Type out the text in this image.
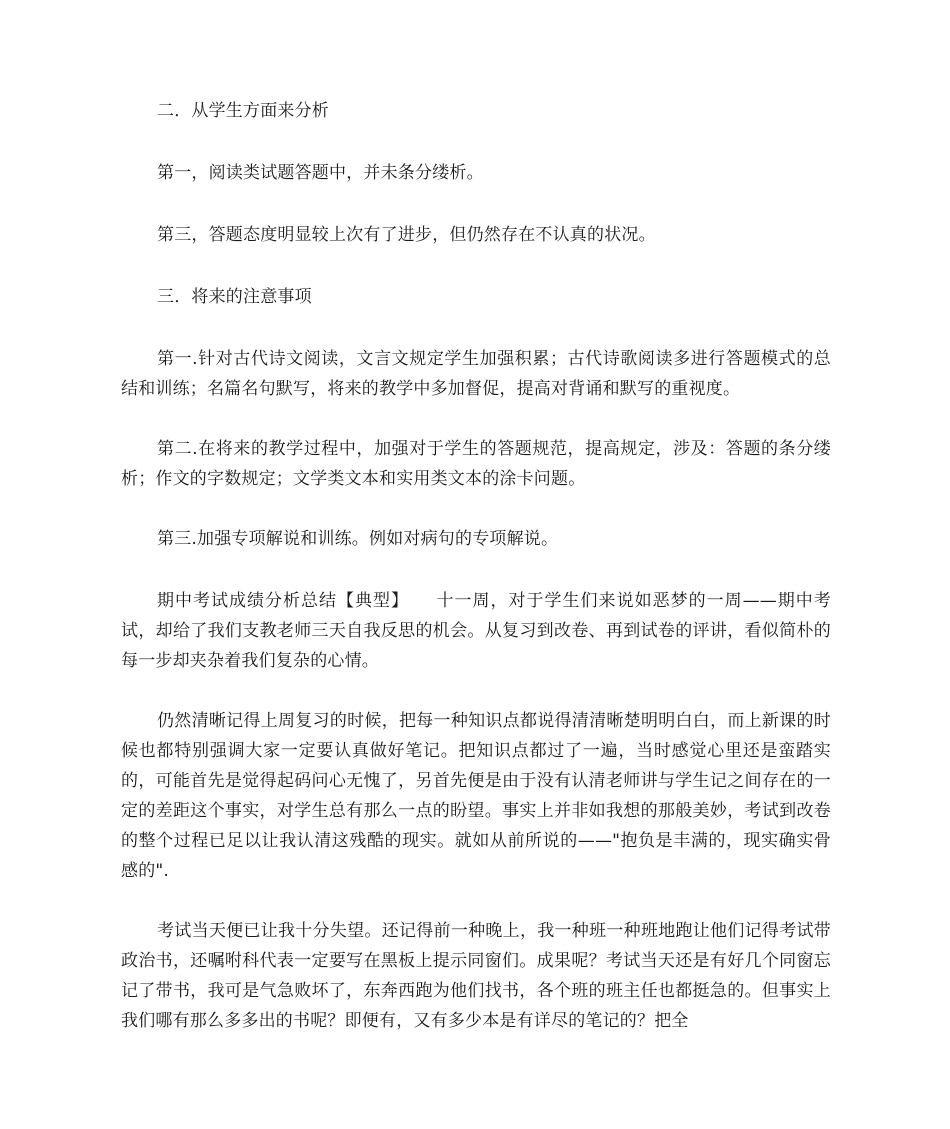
二．从学生方面来分析

第一，阅读类试题答题中，并未条分缕析。

第三，答题态度明显较上次有了进步，但仍然存在不认真的状况。

三．将来的注意事项

第一.针对古代诗文阅读，文言文规定学生加强积累；古代诗歌阅读多进行答题模式的总结和训练；名篇名句默写，将来的教学中多加督促，提高对背诵和默写的重视度。

第二.在将来的教学过程中，加强对于学生的答题规范，提高规定，涉及：答题的条分缕析；作文的字数规定；文学类文本和实用类文本的涂卡问题。

第三.加强专项解说和训练。例如对病句的专项解说。

期中考试成绩分析总结【典型】　　十一周，对于学生们来说如恶梦的一周——期中考试，却给了我们支教老师三天自我反思的机会。从复习到改卷、再到试卷的评讲，看似简朴的每一步却夹杂着我们复杂的心情。

仍然清晰记得上周复习的时候，把每一种知识点都说得清清晰楚明明白白，而上新课的时候也都特别强调大家一定要认真做好笔记。把知识点都过了一遍，当时感觉心里还是蛮踏实的，可能首先是觉得起码问心无愧了，另首先便是由于没有认清老师讲与学生记之间存在的一定的差距这个事实，对学生总有那么一点的盼望。事实上并非如我想的那般美妙，考试到改卷的整个过程已足以让我认清这残酷的现实。就如从前所说的——"抱负是丰满的，现实确实骨感的".

考试当天便已让我十分失望。还记得前一种晚上，我一种班一种班地跑让他们记得考试带政治书，还嘱咐科代表一定要写在黑板上提示同窗们。成果呢？考试当天还是有好几个同窗忘记了带书，我可是气急败坏了，东奔西跑为他们找书，各个班的班主任也都挺急的。但事实上我们哪有那么多多出的书呢？即便有，又有多少本是有详尽的笔记的？把全
